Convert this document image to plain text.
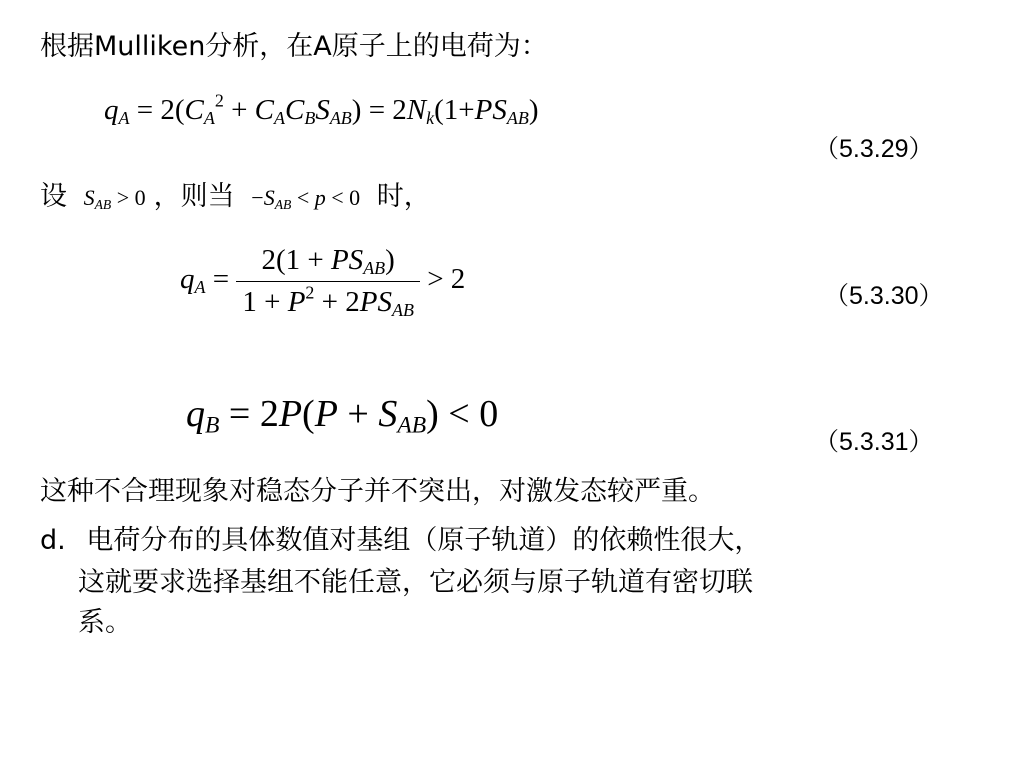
根据Mulliken分析，在A原子上的电荷为：
$q_A = 2(C_A^2 + C_AC_BS_{AB}) = 2N_k(1+PS_{AB})$
（5.3.29）
设 $S_{AB} > 0$ ，则当 $-S_{AB} < p < 0$ 时，
$q_A = \frac{2(1 + PS_{AB})}{1 + P^2 + 2PS_{AB}} > 2$
（5.3.30）
$q_B = 2P(P + S_{AB}) < 0$
（5.3.31）
这种不合理现象对稳态分子并不突出，对激发态较严重。
d. 电荷分布的具体数值对基组（原子轨道）的依赖性很大，
这就要求选择基组不能任意，它必须与原子轨道有密切联
系。
